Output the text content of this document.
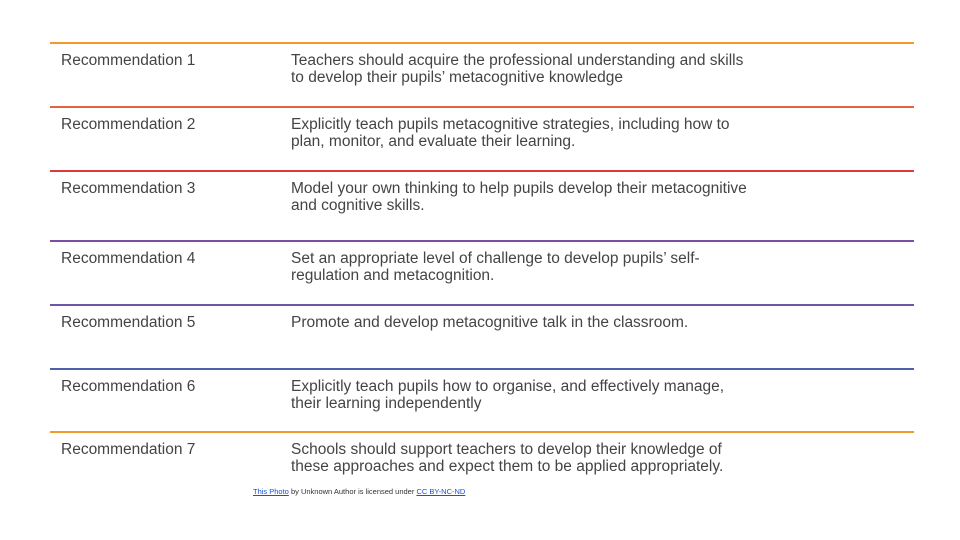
Recommendation 1	Teachers should acquire the professional understanding and skills
to develop their pupils’ metacognitive knowledge
Recommendation 2	Explicitly teach pupils metacognitive strategies, including how to
plan, monitor, and evaluate their learning.
Recommendation 3	Model your own thinking to help pupils develop their metacognitive
and cognitive skills.
Recommendation 4	Set an appropriate level of challenge to develop pupils’ self-
regulation and metacognition.
Recommendation 5	Promote and develop metacognitive talk in the classroom.
Recommendation 6	Explicitly teach pupils how to organise, and effectively manage,
their learning independently
Recommendation 7	Schools should support teachers to develop their knowledge of
these approaches and expect them to be applied appropriately.
This Photo by Unknown Author is licensed under CC BY-NC-ND
